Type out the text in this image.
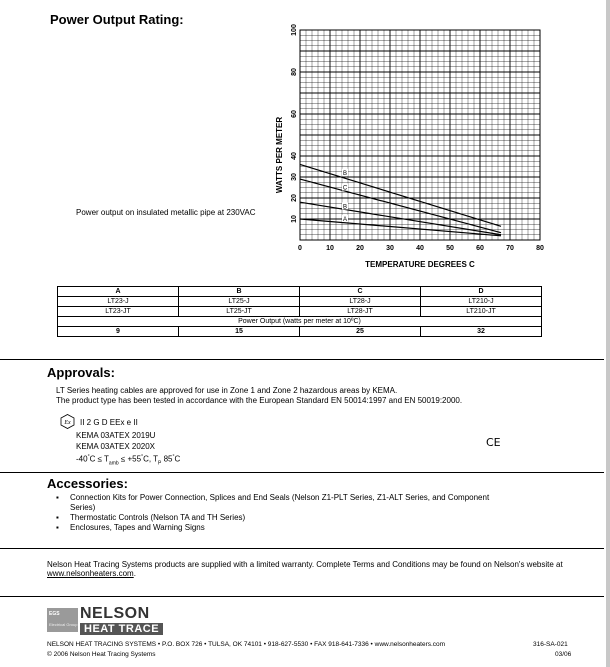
Power Output Rating:
Power output on insulated metallic pipe at 230VAC
0	10	20	30	40	50	60	70	80
10
20
30
40
60
80
100
A
B
C
B
TEMPERATURE DEGREES C
WATTS PER METER
A	B	C	D
LT23-J	LT25-J	LT28-J	LT210-J
LT23-JT	LT25-JT	LT28-JT	LT210-JT
Power Output (watts per meter at 10ºC)			
9	15	25	32
Approvals:
LT Series heating cables are approved for use in Zone 1 and Zone 2 hazardous areas by KEMA.
The product type has been tested in accordance with the European Standard EN 50014:1997 and EN 50019:2000.
Ex II 2 G D EEx e II
KEMA 03ATEX 2019U
KEMA 03ATEX 2020X
$-40^\circ C \le T_{amb} \le +55^\circ C$, $T_P$ 85°C
CE
Accessories:
▪ Connection Kits for Power Connection, Splices and End Seals (Nelson Z1-PLT Series, Z1-ALT Series, and Component Series)
▪ Thermostatic Controls (Nelson TA and TH Series)
▪ Enclosures, Tapes and Warning Signs
Nelson Heat Tracing Systems products are supplied with a limited warranty. Complete Terms and Conditions may be found on Nelson's website at
www.nelsonheaters.com.
EGS
Electrical Group
NELSON
HEAT TRACE
NELSON HEAT TRACING SYSTEMS • P.O. BOX 726 • TULSA, OK 74101 • 918-627-5530 • FAX 918-641-7336 • www.nelsonheaters.com
© 2006 Nelson Heat Tracing Systems
316-SA-021
03/06
